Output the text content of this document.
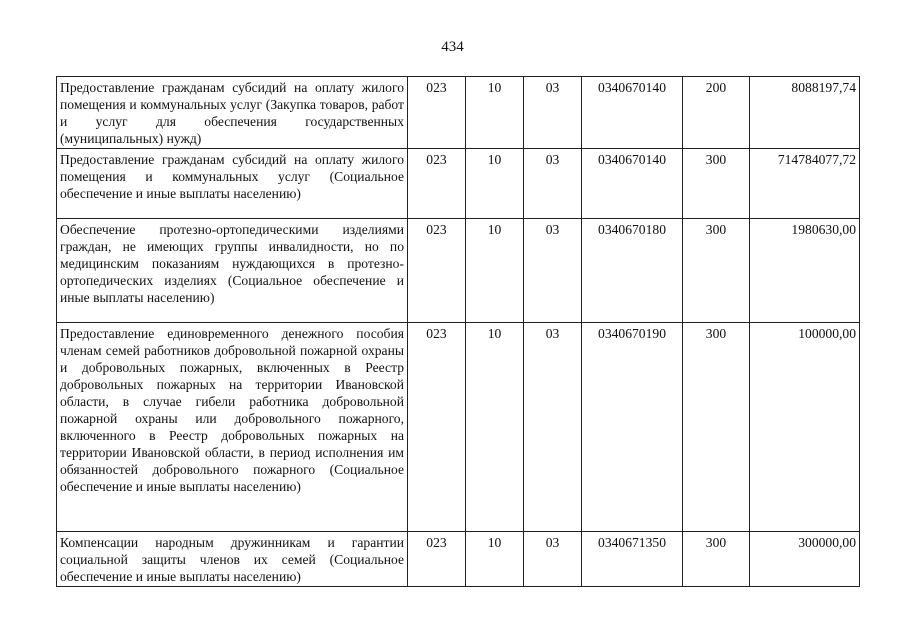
434
Предоставление гражданам субсидий на оплату жилого помещения и коммунальных услуг (Закупка товаров, работ и услуг для обеспечения государственных (муниципальных) нужд)	023	10	03	0340670140	200	8088197,74
Предоставление гражданам субсидий на оплату жилого помещения и коммунальных услуг (Социальное обеспечение и иные выплаты населению)	023	10	03	0340670140	300	714784077,72
Обеспечение протезно-ортопедическими изделиями граждан, не имеющих группы инвалидности, но по медицинским показаниям нуждающихся в протезно-ортопедических изделиях (Социальное обеспечение и иные выплаты населению)	023	10	03	0340670180	300	1980630,00
Предоставление единовременного денежного пособия членам семей работников добровольной пожарной охраны и добровольных пожарных, включенных в Реестр добровольных пожарных на территории Ивановской области, в случае гибели работника добровольной пожарной охраны или добровольного пожарного, включенного в Реестр добровольных пожарных на территории Ивановской области, в период исполнения им обязанностей добровольного пожарного (Социальное обеспечение и иные выплаты населению)	023	10	03	0340670190	300	100000,00
Компенсации народным дружинникам и гарантии социальной защиты членов их семей (Социальное обеспечение и иные выплаты населению)	023	10	03	0340671350	300	300000,00
